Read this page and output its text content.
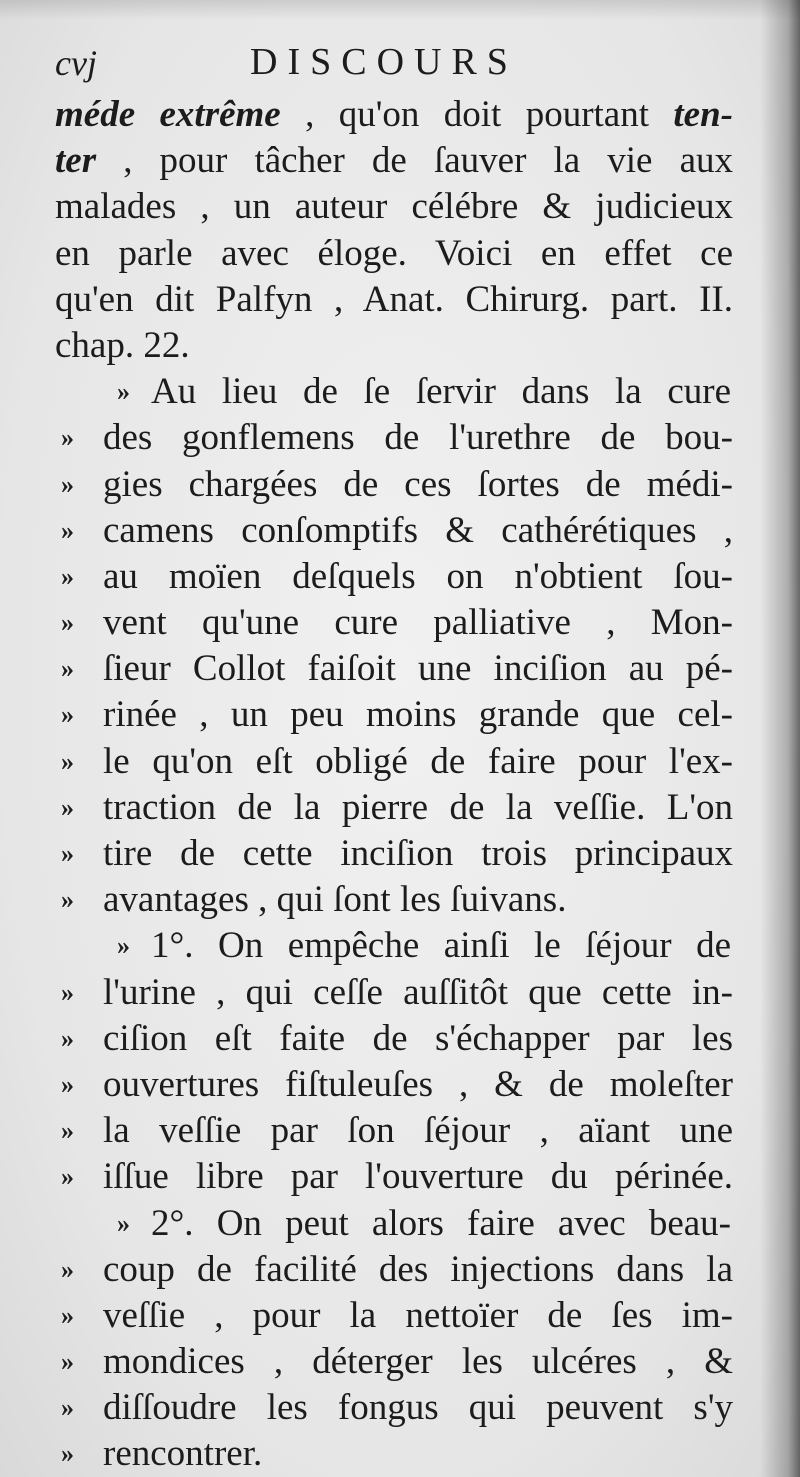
cvj	DISCOURS
méde extrême , qu'on doit pourtant ten-
ter , pour tâcher de ſauver la vie aux
malades , un auteur célébre & judicieux
en parle avec éloge. Voici en effet ce
qu'en dit Palfyn , Anat. Chirurg. part. II.
chap. 22.
» Au lieu de ſe ſervir dans la cure
» des gonflemens de l'urethre de bou-
» gies chargées de ces ſortes de médi-
» camens conſomptifs & cathérétiques ,
» au moïen deſquels on n'obtient ſou-
» vent qu'une cure palliative , Mon-
» ſieur Collot faiſoit une inciſion au pé-
» rinée , un peu moins grande que cel-
» le qu'on eſt obligé de faire pour l'ex-
» traction de la pierre de la veſſie. L'on
» tire de cette inciſion trois principaux
» avantages , qui ſont les ſuivans.
» 1°. On empêche ainſi le ſéjour de
» l'urine , qui ceſſe auſſitôt que cette in-
» ciſion eſt faite de s'échapper par les
» ouvertures fiſtuleuſes , & de moleſter
» la veſſie par ſon ſéjour , aïant une
» iſſue libre par l'ouverture du périnée.
» 2°. On peut alors faire avec beau-
» coup de facilité des injections dans la
» veſſie , pour la nettoïer de ſes im-
» mondices , déterger les ulcéres , &
» diſſoudre les fongus qui peuvent s'y
» rencontrer.
